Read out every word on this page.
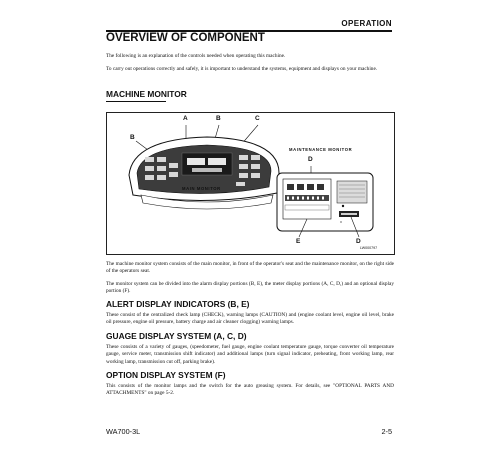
OPERATION
OVERVIEW OF COMPONENT
The following is an explanation of the controls needed when operating this machine.
To carry out operations correctly and safely, it is important to understand the systems, equipment and displays on your machine.
MACHINE MONITOR
A	B	C
B
MAINTENANCE MONITOR
D
MAIN MONITOR
E	D
LW000797
The machine monitor system consists of the main monitor, in front of the operator's seat and the maintenance monitor, on the right side of the operators seat.
The monitor system can be divided into the alarm display portions (B, E), the meter display portions (A, C, D,) and an optional display portion (F).
ALERT DISPLAY INDICATORS (B, E)
These consist of the centralized check lamp (CHECK), warning lamps (CAUTION) and (engine coolant level, engine oil level, brake oil pressure, engine oil pressure, battery charge and air cleaner clogging) warning lamps.
GUAGE DISPLAY SYSTEM (A, C, D)
These consists of a variety of gauges, (speedometer, fuel gauge, engine coolant temperature gauge, torque converter oil temperature gauge, service meter, transmission shift indicator) and additional lamps (turn signal indicator, preheating, front working lamp, rear working lamp, transmission cut off, parking brake).
OPTION DISPLAY SYSTEM (F)
This consists of the monitor lamps and the switch for the auto greasing system. For details, see "OPTIONAL PARTS AND ATTACHMENTS" on page 5-2.
WA700-3L	2-5
